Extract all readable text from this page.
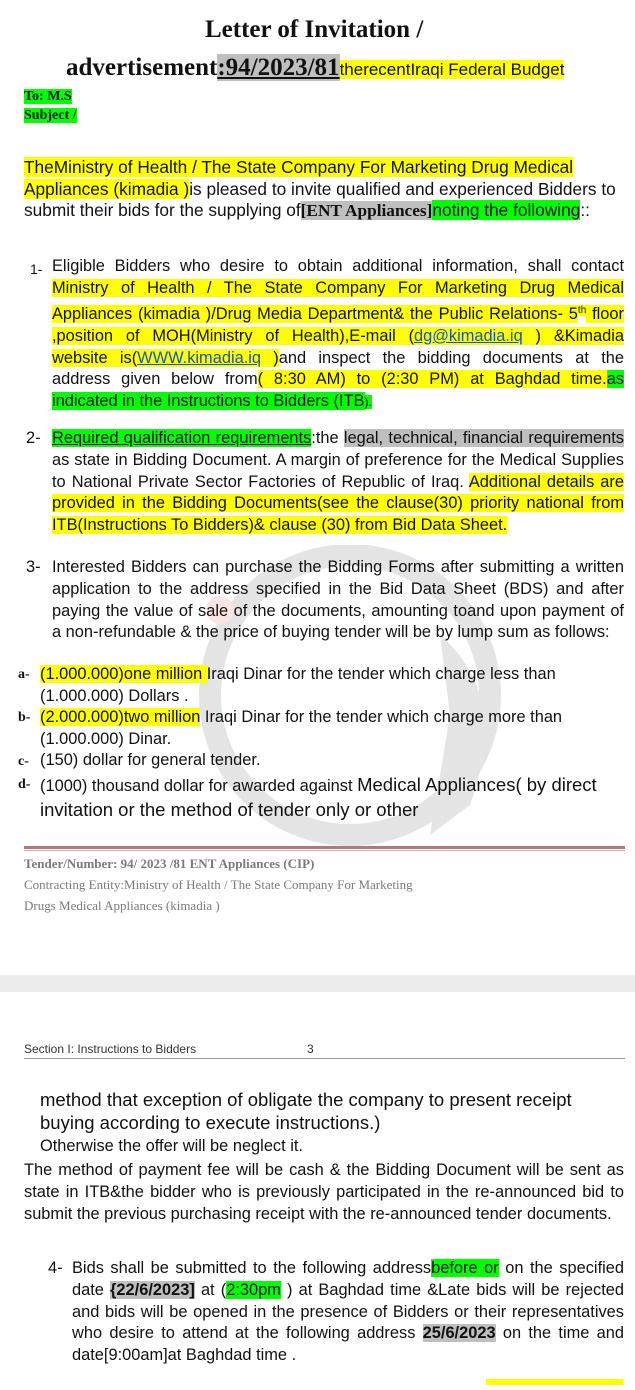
Letter of Invitation /
advertisement:94/2023/81therecentIraqi Federal Budget
To: M.S
Subject /
TheMinistry of Health / The State Company For Marketing Drug Medical Appliances (kimadia )is pleased to invite qualified and experienced Bidders to submit their bids for the supplying of[ENT Appliances]noting the following::
1- Eligible Bidders who desire to obtain additional information, shall contact Ministry of Health / The State Company For Marketing Drug Medical Appliances (kimadia )/Drug Media Department& the Public Relations- 5th floor ,position of MOH(Ministry of Health),E-mail (dg@kimadia.iq ) &Kimadia website is(WWW.kimadia.iq )and inspect the bidding documents at the address given below from( 8:30 AM) to (2:30 PM) at Baghdad time.as indicated in the Instructions to Bidders (ITB).
2- Required qualification requirements:the legal, technical, financial requirements as state in Bidding Document. A margin of preference for the Medical Supplies to National Private Sector Factories of Republic of Iraq. Additional details are provided in the Bidding Documents(see the clause(30) priority national from ITB(Instructions To Bidders)& clause (30) from Bid Data Sheet.
3- Interested Bidders can purchase the Bidding Forms after submitting a written application to the address specified in the Bid Data Sheet (BDS) and after paying the value of sale of the documents, amounting toand upon payment of a non-refundable & the price of buying tender will be by lump sum as follows:
a- (1.000.000)one million Iraqi Dinar for the tender which charge less than (1.000.000) Dollars .
b- (2.000.000)two million Iraqi Dinar for the tender which charge more than (1.000.000) Dinar.
c- (150) dollar for general tender.
d- (1000) thousand dollar for awarded against Medical Appliances( by direct invitation or the method of tender only or other
Tender/Number: 94/ 2023 /81 ENT Appliances (CIP)
Contracting Entity:Ministry of Health / The State Company For Marketing
Drugs Medical Appliances (kimadia )
Section I: Instructions to Bidders	3
method that exception of obligate the company to present receipt buying according to execute instructions.)
Otherwise the offer will be neglect it.
The method of payment fee will be cash & the Bidding Document will be sent as state in ITB&the bidder who is previously participated in the re-announced bid to submit the previous purchasing receipt with the re-announced tender documents.
4- Bids shall be submitted to the following addressbefore or on the specified date {22/6/2023] at (2:30pm ) at Baghdad time &Late bids will be rejected and bids will be opened in the presence of Bidders or their representatives who desire to attend at the following address 25/6/2023 on the time and date[9:00am]at Baghdad time .
